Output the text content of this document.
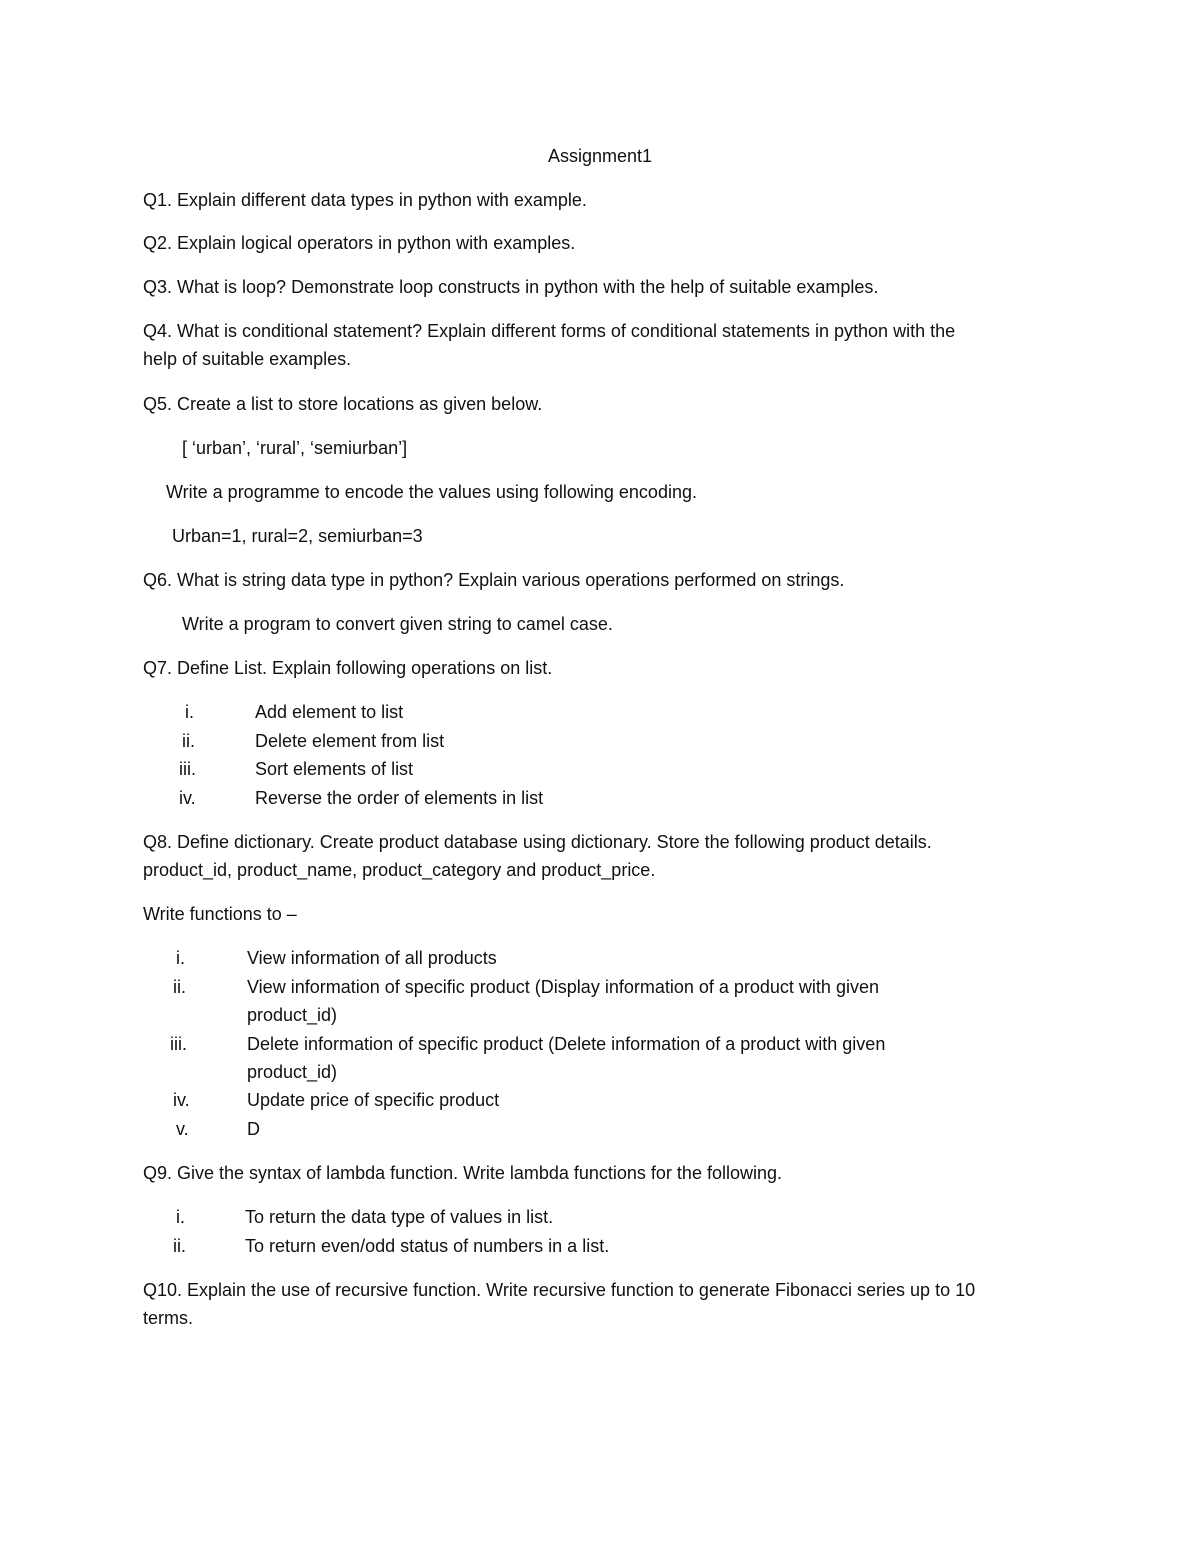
Assignment1
Q1. Explain different data types in python with example.
Q2. Explain logical operators in python with examples.
Q3. What is loop? Demonstrate loop constructs in python with the help of suitable examples.
Q4. What is conditional statement? Explain different forms of conditional statements in python with the
help of suitable examples.
Q5. Create a list to store locations as given below.
[ ‘urban’, ‘rural’, ‘semiurban’]
Write a programme to encode the values using following encoding.
Urban=1, rural=2, semiurban=3
Q6. What is string data type in python? Explain various operations performed on strings.
Write a program to convert given string to camel case.
Q7. Define List. Explain following operations on list.
i.	Add element to list
ii.	Delete element from list
iii.	Sort elements of list
iv.	Reverse the order of elements in list
Q8. Define dictionary. Create product database using dictionary. Store the following product details.
product_id, product_name, product_category and product_price.
Write functions to –
i.	View information of all products
ii.	View information of specific product (Display information of a product with given
product_id)
iii.	Delete information of specific product (Delete information of a product with given
product_id)
iv.	Update price of specific product
v.	D
Q9. Give the syntax of lambda function. Write lambda functions for the following.
i.	To return the data type of values in list.
ii.	To return even/odd status of numbers in a list.
Q10. Explain the use of recursive function. Write recursive function to generate Fibonacci series up to 10
terms.
